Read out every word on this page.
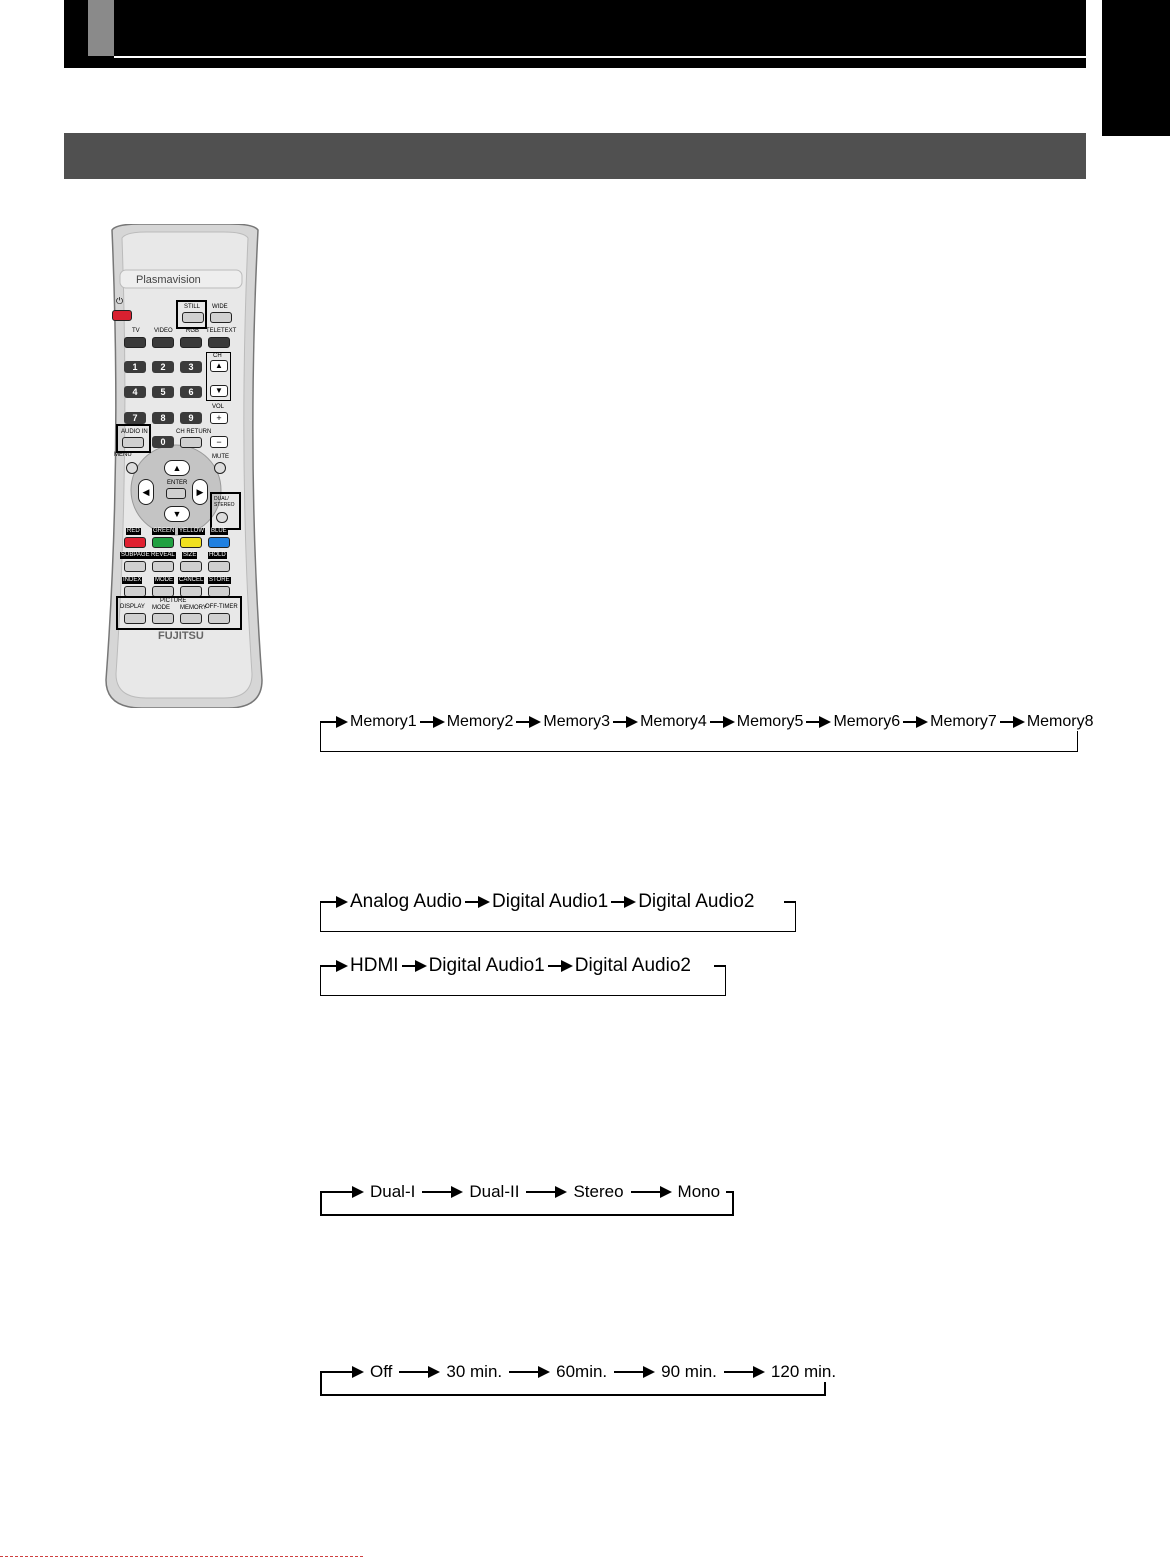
Plasmavision
⏻
STILL WIDE
TV VIDEO RGB TELETEXT
CH
▲
▼
1	2	3
4	5	6
7	8	9
0
VOL
+
−
AUDIO IN	CH RETURN
MENU	MUTE
▲
▼
◀	▶
ENTER
DUAL/ STEREO
RED GREEN YELLOW BLUE
SUBPAGE REVEAL SIZE HOLD
INDEX MODE CANCEL STORE
DISPLAY
PICTURE
MODE MEMORY
OFF-TIMER
FUJITSU
Memory1 Memory2 Memory3 Memory4 Memory5 Memory6 Memory7 Memory8
Analog Audio Digital Audio1 Digital Audio2
HDMI Digital Audio1 Digital Audio2
Dual-I	Dual-II	Stereo	Mono
Off	30 min.	60min.	90 min.	120 min.
